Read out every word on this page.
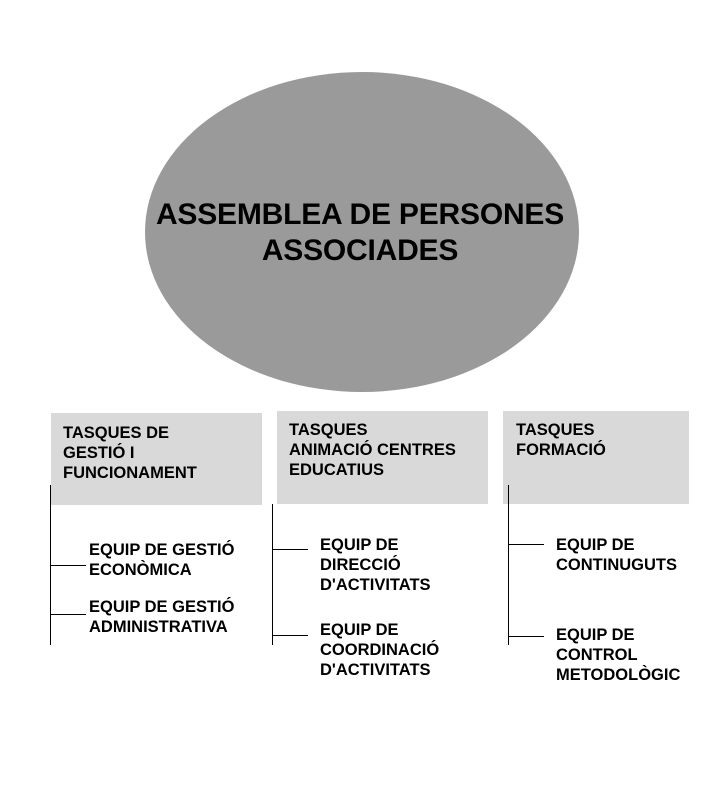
ASSEMBLEA DE PERSONES
ASSOCIADES
TASQUES DE
GESTIÓ I
FUNCIONAMENT
EQUIP DE GESTIÓ
ECONÒMICA
EQUIP DE GESTIÓ
ADMINISTRATIVA
TASQUES
ANIMACIÓ CENTRES
EDUCATIUS
EQUIP DE
DIRECCIÓ
D'ACTIVITATS
EQUIP DE
COORDINACIÓ
D'ACTIVITATS
TASQUES
FORMACIÓ
EQUIP DE
CONTINUGUTS
EQUIP DE
CONTROL
METODOLÒGIC
